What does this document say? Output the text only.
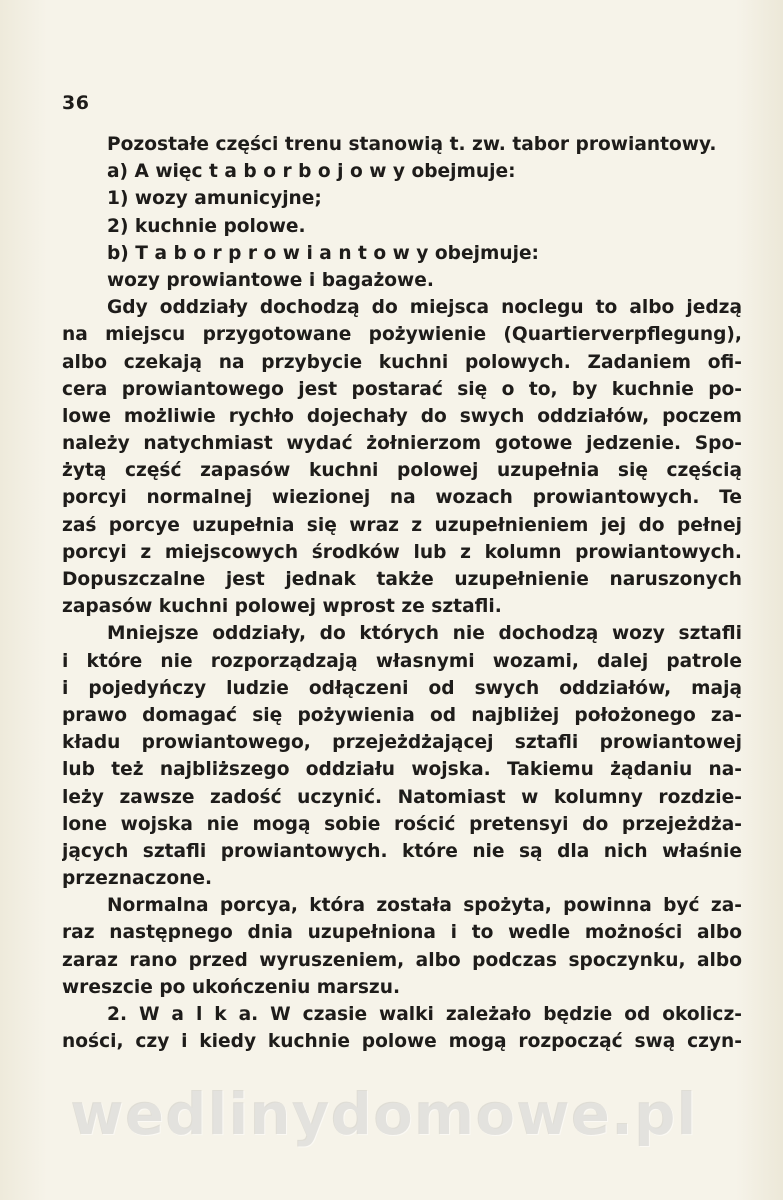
36
Pozostałe części trenu stanowią t. zw. tabor prowiantowy.
a) A więc t a b o r b o j o w y obejmuje:
1) wozy amunicyjne;
2) kuchnie polowe.
b) T a b o r p r o w i a n t o w y obejmuje:
wozy prowiantowe i bagażowe.
Gdy oddziały dochodzą do miejsca noclegu to albo jedzą
na miejscu przygotowane pożywienie (Quartierverpflegung),
albo czekają na przybycie kuchni polowych. Zadaniem ofi-
cera prowiantowego jest postarać się o to, by kuchnie po-
lowe możliwie rychło dojechały do swych oddziałów, poczem
należy natychmiast wydać żołnierzom gotowe jedzenie. Spo-
żytą część zapasów kuchni polowej uzupełnia się częścią
porcyi normalnej wiezionej na wozach prowiantowych. Te
zaś porcye uzupełnia się wraz z uzupełnieniem jej do pełnej
porcyi z miejscowych środków lub z kolumn prowiantowych.
Dopuszczalne jest jednak także uzupełnienie naruszonych
zapasów kuchni polowej wprost ze sztafli.
Mniejsze oddziały, do których nie dochodzą wozy sztafli
i które nie rozporządzają własnymi wozami, dalej patrole
i pojedyńczy ludzie odłączeni od swych oddziałów, mają
prawo domagać się pożywienia od najbliżej położonego za-
kładu prowiantowego, przejeżdżającej sztafli prowiantowej
lub też najbliższego oddziału wojska. Takiemu żądaniu na-
leży zawsze zadość uczynić. Natomiast w kolumny rozdzie-
lone wojska nie mogą sobie rościć pretensyi do przejeżdża-
jących sztafli prowiantowych. które nie są dla nich właśnie
przeznaczone.
Normalna porcya, która została spożyta, powinna być za-
raz następnego dnia uzupełniona i to wedle możności albo
zaraz rano przed wyruszeniem, albo podczas spoczynku, albo
wreszcie po ukończeniu marszu.
2. W a l k a. W czasie walki zależało będzie od okolicz-
ności, czy i kiedy kuchnie polowe mogą rozpocząć swą czyn-
wedlinydomowe.pl
